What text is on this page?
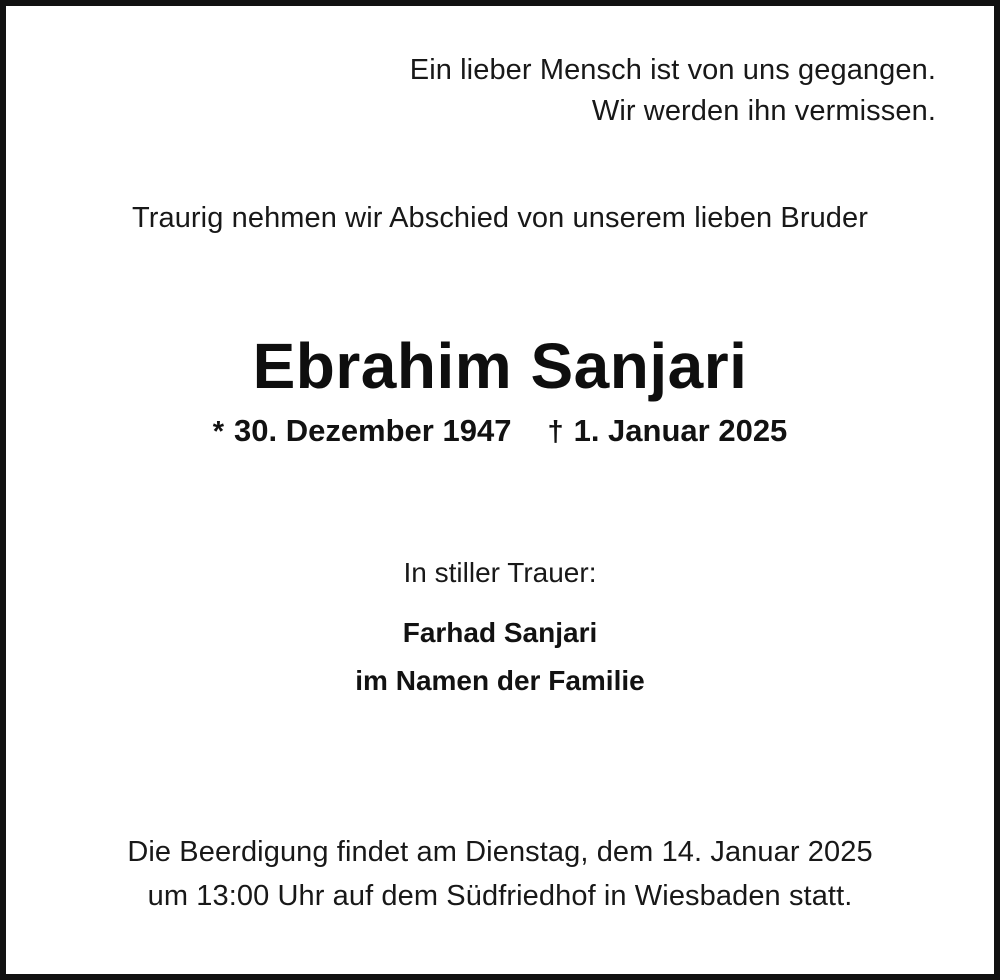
Ein lieber Mensch ist von uns gegangen.
Wir werden ihn vermissen.
Traurig nehmen wir Abschied von unserem lieben Bruder
Ebrahim Sanjari
* 30. Dezember 1947 † 1. Januar 2025
In stiller Trauer:
Farhad Sanjari
im Namen der Familie
Die Beerdigung findet am Dienstag, dem 14. Januar 2025
um 13:00 Uhr auf dem Südfriedhof in Wiesbaden statt.
